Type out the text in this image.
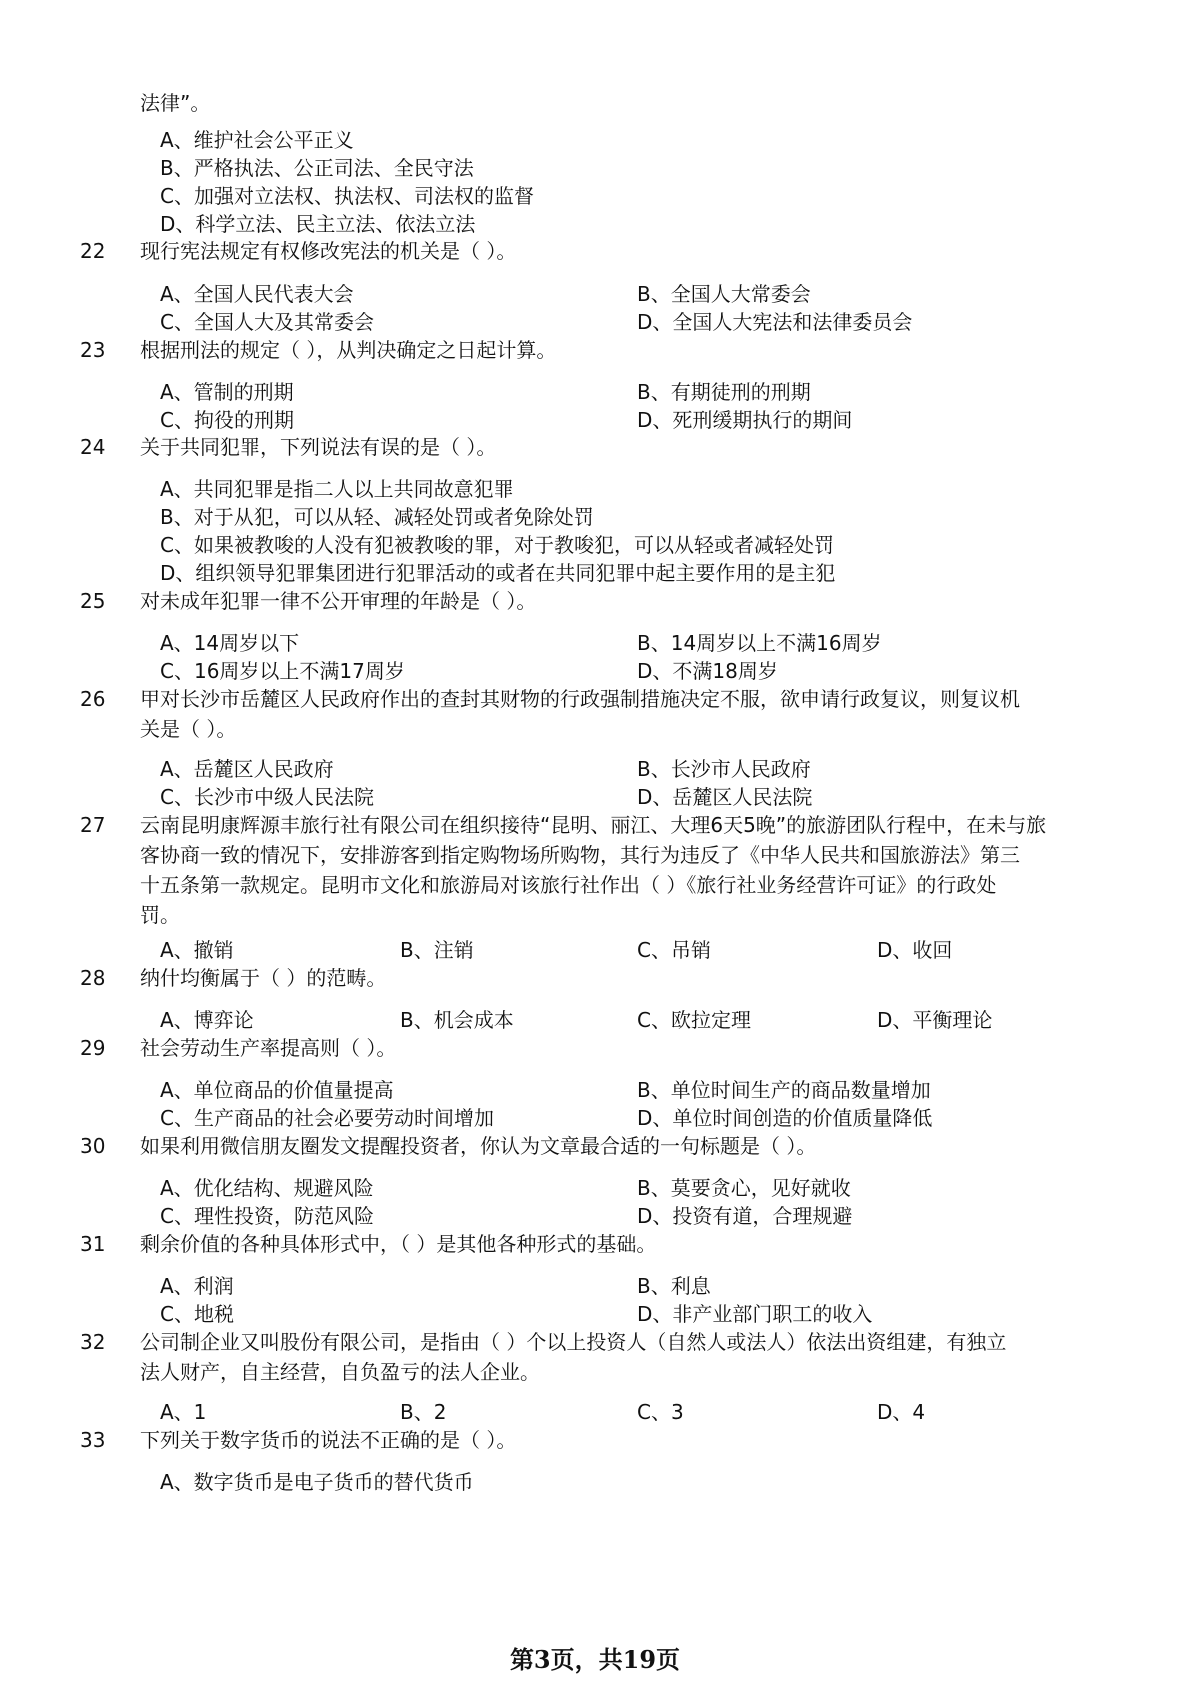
法律”。
A、维护社会公平正义
B、严格执法、公正司法、全民守法
C、加强对立法权、执法权、司法权的监督
D、科学立法、民主立法、依法立法
22	现行宪法规定有权修改宪法的机关是（ ）。
A、全国人民代表大会	B、全国人大常委会
C、全国人大及其常委会	D、全国人大宪法和法律委员会
23	根据刑法的规定（ ），从判决确定之日起计算。
A、管制的刑期	B、有期徒刑的刑期
C、拘役的刑期	D、死刑缓期执行的期间
24	关于共同犯罪，下列说法有误的是（ ）。
A、共同犯罪是指二人以上共同故意犯罪
B、对于从犯，可以从轻、减轻处罚或者免除处罚
C、如果被教唆的人没有犯被教唆的罪，对于教唆犯，可以从轻或者减轻处罚
D、组织领导犯罪集团进行犯罪活动的或者在共同犯罪中起主要作用的是主犯
25	对未成年犯罪一律不公开审理的年龄是（ ）。
A、14周岁以下	B、14周岁以上不满16周岁
C、16周岁以上不满17周岁	D、不满18周岁
26	甲对长沙市岳麓区人民政府作出的查封其财物的行政强制措施决定不服，欲申请行政复议，则复议机
关是（ ）。
A、岳麓区人民政府	B、长沙市人民政府
C、长沙市中级人民法院	D、岳麓区人民法院
27	云南昆明康辉源丰旅行社有限公司在组织接待“昆明、丽江、大理6天5晚”的旅游团队行程中，在未与旅
客协商一致的情况下，安排游客到指定购物场所购物，其行为违反了《中华人民共和国旅游法》第三
十五条第一款规定。昆明市文化和旅游局对该旅行社作出（ ）《旅行社业务经营许可证》的行政处
罚。
A、撤销	B、注销	C、吊销	D、收回
28	纳什均衡属于（ ）的范畴。
A、博弈论	B、机会成本	C、欧拉定理	D、平衡理论
29	社会劳动生产率提高则（ ）。
A、单位商品的价值量提高	B、单位时间生产的商品数量增加
C、生产商品的社会必要劳动时间增加	D、单位时间创造的价值质量降低
30	如果利用微信朋友圈发文提醒投资者，你认为文章最合适的一句标题是（ ）。
A、优化结构、规避风险	B、莫要贪心，见好就收
C、理性投资，防范风险	D、投资有道，合理规避
31	剩余价值的各种具体形式中，（ ）是其他各种形式的基础。
A、利润	B、利息
C、地税	D、非产业部门职工的收入
32	公司制企业又叫股份有限公司，是指由（ ）个以上投资人（自然人或法人）依法出资组建，有独立
法人财产，自主经营，自负盈亏的法人企业。
A、1	B、2	C、3	D、4
33	下列关于数字货币的说法不正确的是（ ）。
A、数字货币是电子货币的替代货币
第3页，共19页
